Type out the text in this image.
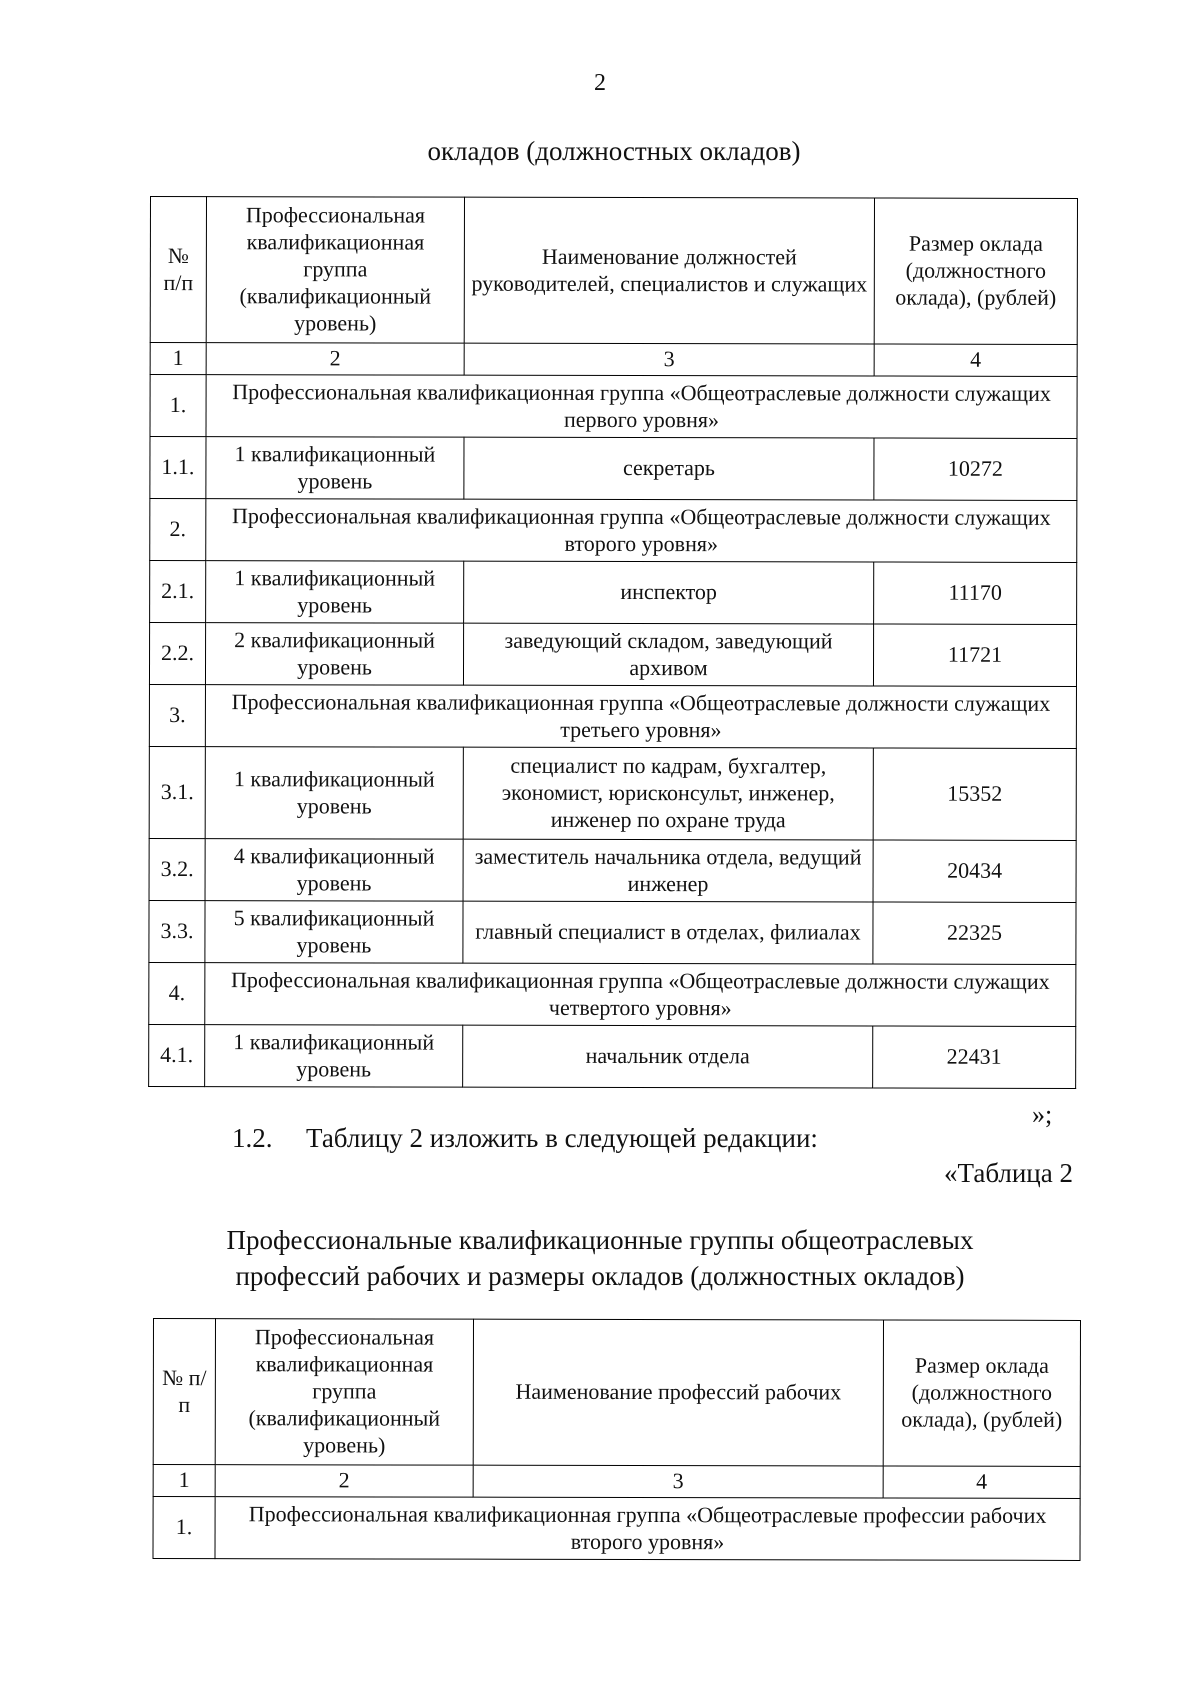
2
окладов (должностных окладов)
№ п/п	Профессиональная квалификационная группа (квалификационный уровень)	Наименование должностей руководителей, специалистов и служащих	Размер оклада (должностного оклада), (рублей)
1	2	3	4
1.	Профессиональная квалификационная группа «Общеотраслевые должности служащих первого уровня»		
1.1.	1 квалификационный уровень	секретарь	10272
2.	Профессиональная квалификационная группа «Общеотраслевые должности служащих второго уровня»		
2.1.	1 квалификационный уровень	инспектор	11170
2.2.	2 квалификационный уровень	заведующий складом, заведующий архивом	11721
3.	Профессиональная квалификационная группа «Общеотраслевые должности служащих третьего уровня»		
3.1.	1 квалификационный уровень	специалист по кадрам, бухгалтер, экономист, юрисконсульт, инженер, инженер по охране труда	15352
3.2.	4 квалификационный уровень	заместитель начальника отдела, ведущий инженер	20434
3.3.	5 квалификационный уровень	главный специалист в отделах, филиалах	22325
4.	Профессиональная квалификационная группа «Общеотраслевые должности служащих четвертого уровня»		
4.1.	1 квалификационный уровень	начальник отдела	22431
»;
1.2. Таблицу 2 изложить в следующей редакции:
«Таблица 2
Профессиональные квалификационные группы общеотраслевых
профессий рабочих и размеры окладов (должностных окладов)
№ п/п	Профессиональная квалификационная группа (квалификационный уровень)	Наименование профессий рабочих	Размер оклада (должностного оклада), (рублей)
1	2	3	4
1.	Профессиональная квалификационная группа «Общеотраслевые профессии рабочих второго уровня»		
